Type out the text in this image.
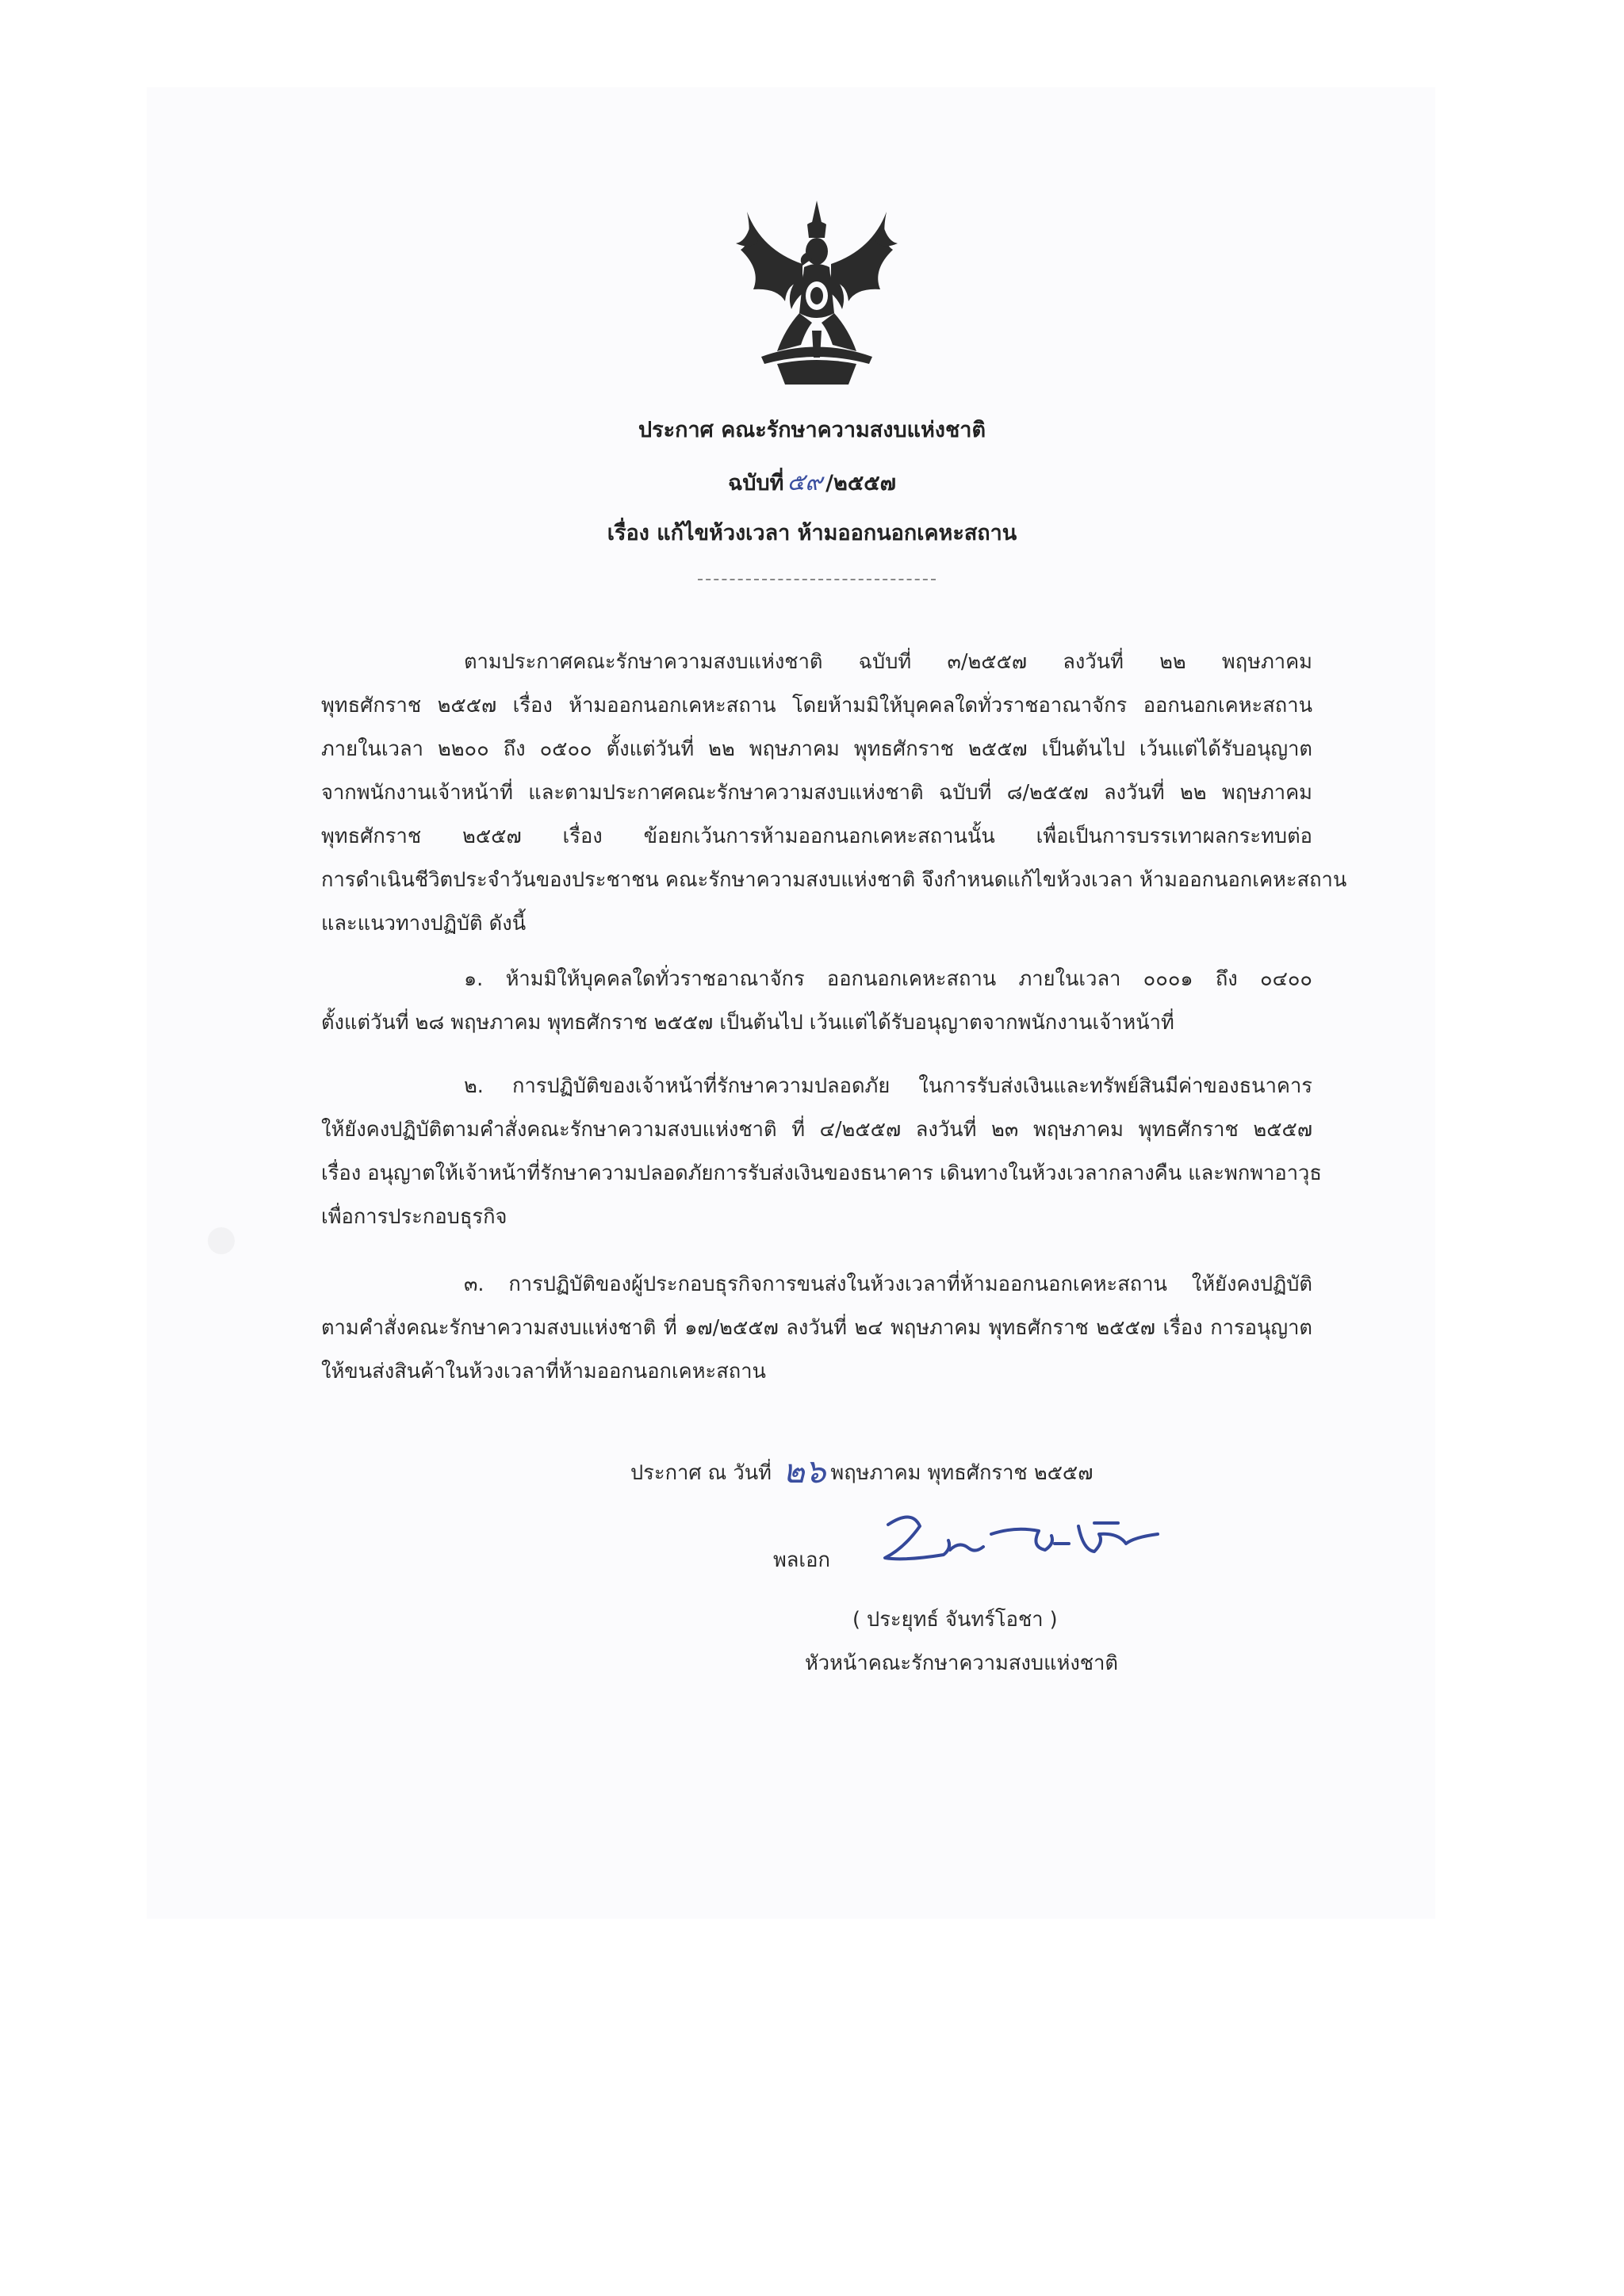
ประกาศ คณะรักษาความสงบแห่งชาติ
ฉบับที่ ๕๙ /๒๕๕๗
เรื่อง แก้ไขห้วงเวลา ห้ามออกนอกเคหะสถาน
ตามประกาศคณะรักษาความสงบแห่งชาติ ฉบับที่ ๓/๒๕๕๗ ลงวันที่ ๒๒ พฤษภาคม
พุทธศักราช ๒๕๕๗ เรื่อง ห้ามออกนอกเคหะสถาน โดยห้ามมิให้บุคคลใดทั่วราชอาณาจักร ออกนอกเคหะสถาน
ภายในเวลา ๒๒๐๐ ถึง ๐๕๐๐ ตั้งแต่วันที่ ๒๒ พฤษภาคม พุทธศักราช ๒๕๕๗ เป็นต้นไป เว้นแต่ได้รับอนุญาต
จากพนักงานเจ้าหน้าที่ และตามประกาศคณะรักษาความสงบแห่งชาติ ฉบับที่ ๘/๒๕๕๗ ลงวันที่ ๒๒ พฤษภาคม
พุทธศักราช ๒๕๕๗ เรื่อง ข้อยกเว้นการห้ามออกนอกเคหะสถานนั้น เพื่อเป็นการบรรเทาผลกระทบต่อ
การดำเนินชีวิตประจำวันของประชาชน คณะรักษาความสงบแห่งชาติ จึงกำหนดแก้ไขห้วงเวลา ห้ามออกนอกเคหะสถาน
และแนวทางปฏิบัติ ดังนี้
๑. ห้ามมิให้บุคคลใดทั่วราชอาณาจักร ออกนอกเคหะสถาน ภายในเวลา ๐๐๐๑ ถึง ๐๔๐๐
ตั้งแต่วันที่ ๒๘ พฤษภาคม พุทธศักราช ๒๕๕๗ เป็นต้นไป เว้นแต่ได้รับอนุญาตจากพนักงานเจ้าหน้าที่
๒. การปฏิบัติของเจ้าหน้าที่รักษาความปลอดภัย ในการรับส่งเงินและทรัพย์สินมีค่าของธนาคาร
ให้ยังคงปฏิบัติตามคำสั่งคณะรักษาความสงบแห่งชาติ ที่ ๔/๒๕๕๗ ลงวันที่ ๒๓ พฤษภาคม พุทธศักราช ๒๕๕๗
เรื่อง อนุญาตให้เจ้าหน้าที่รักษาความปลอดภัยการรับส่งเงินของธนาคาร เดินทางในห้วงเวลากลางคืน และพกพาอาวุธ
เพื่อการประกอบธุรกิจ
๓. การปฏิบัติของผู้ประกอบธุรกิจการขนส่งในห้วงเวลาที่ห้ามออกนอกเคหะสถาน ให้ยังคงปฏิบัติ
ตามคำสั่งคณะรักษาความสงบแห่งชาติ ที่ ๑๗/๒๕๕๗ ลงวันที่ ๒๔ พฤษภาคม พุทธศักราช ๒๕๕๗ เรื่อง การอนุญาต
ให้ขนส่งสินค้าในห้วงเวลาที่ห้ามออกนอกเคหะสถาน
ประกาศ ณ วันที่ ๒๖ พฤษภาคม พุทธศักราช ๒๕๕๗
พลเอก
( ประยุทธ์ จันทร์โอชา )
หัวหน้าคณะรักษาความสงบแห่งชาติ
